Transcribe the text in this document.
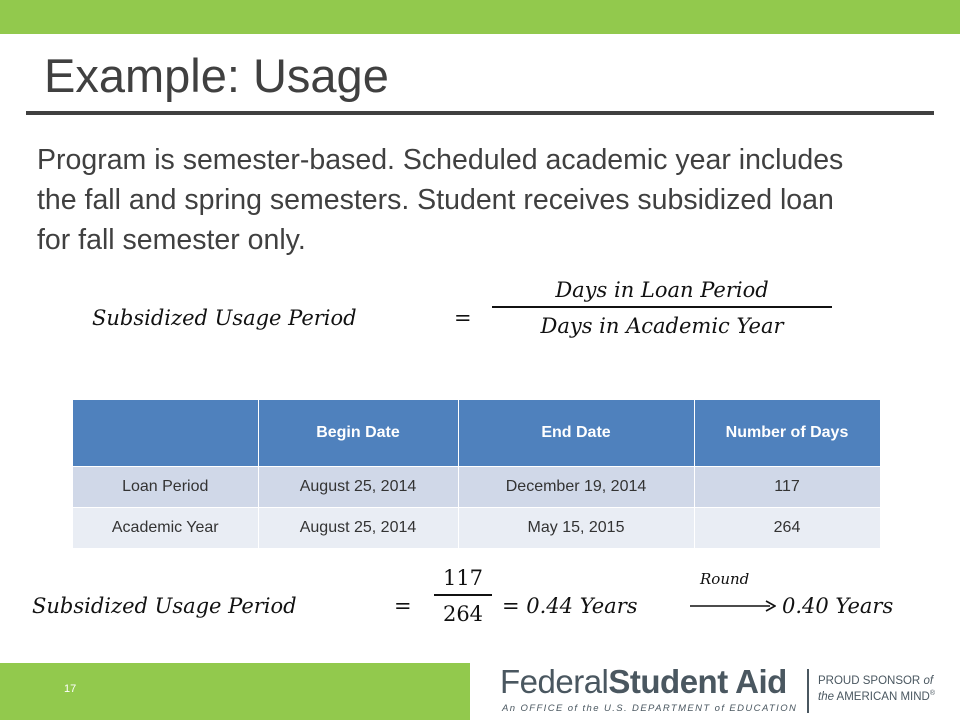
Example: Usage
Program is semester-based. Scheduled academic year includes the fall and spring semesters. Student receives subsidized loan for fall semester only.
Subsidized Usage Period	=
Days in Loan Period
Days in Academic Year
	Begin Date	End Date	Number of Days
Loan Period	August 25, 2014	December 19, 2014	117
Academic Year	August 25, 2014	May 15, 2015	264
Subsidized Usage Period	=
117
264 = 0.44 Years
Round
0.40 Years
17	FederalStudent Aid
An OFFICE of the U.S. DEPARTMENT of EDUCATION
PROUD SPONSOR of
the AMERICAN MIND®
